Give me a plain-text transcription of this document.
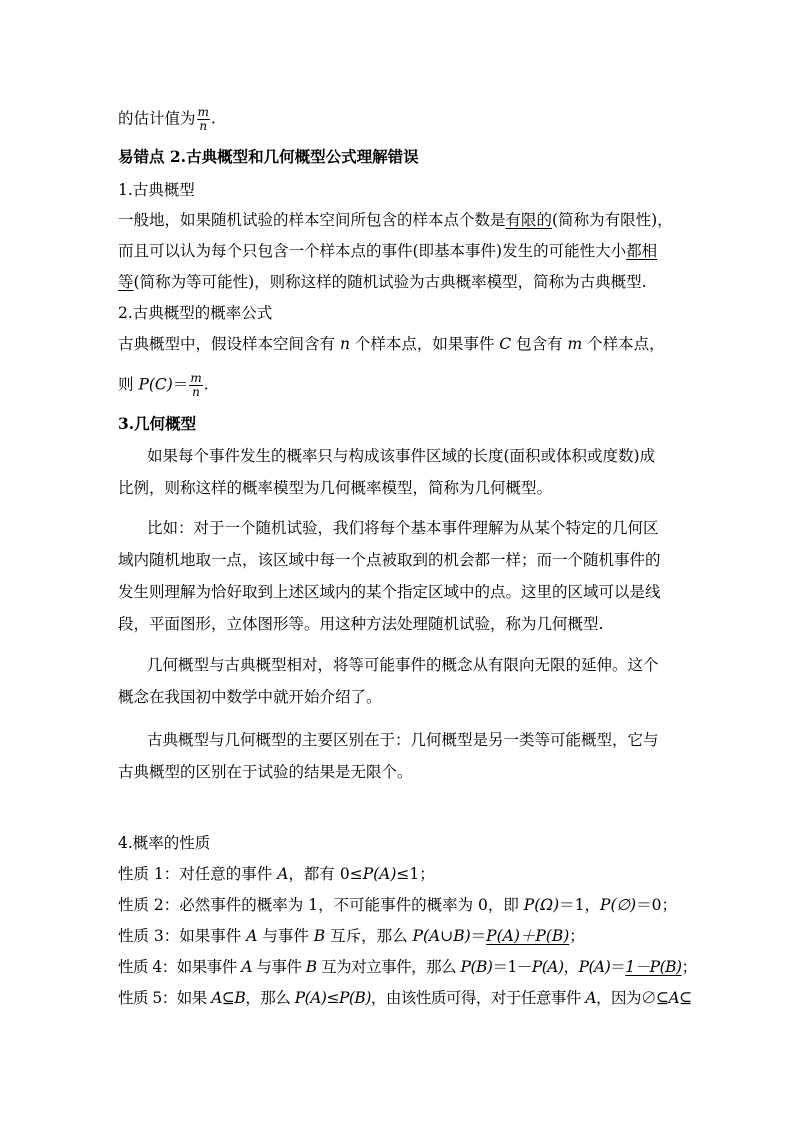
的估计值为 $\frac{m}{n}$ .
易错点 2.古典概型和几何概型公式理解错误
1.古典概型
一般地，如果随机试验的样本空间所包含的样本点个数是有限的(简称为有限性)，
而且可以认为每个只包含一个样本点的事件(即基本事件)发生的可能性大小都相
等(简称为等可能性)，则称这样的随机试验为古典概率模型，简称为古典概型.
2.古典概型的概率公式
古典概型中，假设样本空间含有 n 个样本点，如果事件 C 包含有 m 个样本点，
则 $P(C)= \frac{m}{n}$ .
3.几何概型
如果每个事件发生的概率只与构成该事件区域的长度(面积或体积或度数)成
比例，则称这样的概率模型为几何概率模型，简称为几何概型。
比如：对于一个随机试验，我们将每个基本事件理解为从某个特定的几何区
域内随机地取一点，该区域中每一个点被取到的机会都一样；而一个随机事件的
发生则理解为恰好取到上述区域内的某个指定区域中的点。这里的区域可以是线
段，平面图形，立体图形等。用这种方法处理随机试验，称为几何概型.
几何概型与古典概型相对，将等可能事件的概念从有限向无限的延伸。这个
概念在我国初中数学中就开始介绍了。
古典概型与几何概型的主要区别在于：几何概型是另一类等可能概型，它与
古典概型的区别在于试验的结果是无限个。
4.概率的性质
性质 1：对任意的事件 A，都有 0≤P(A)≤1；
性质 2：必然事件的概率为 1，不可能事件的概率为 0，即 P(Ω)＝1，P(∅)＝0；
性质 3：如果事件 A 与事件 B 互斥，那么 P(A∪B)＝P(A)＋P(B)；
性质 4：如果事件 A 与事件 B 互为对立事件，那么 P(B)＝1－P(A)，P(A)＝1－P(B)；
性质 5：如果 A⊆B，那么 P(A)≤P(B)，由该性质可得，对于任意事件 A，因为∅⊆A⊆
